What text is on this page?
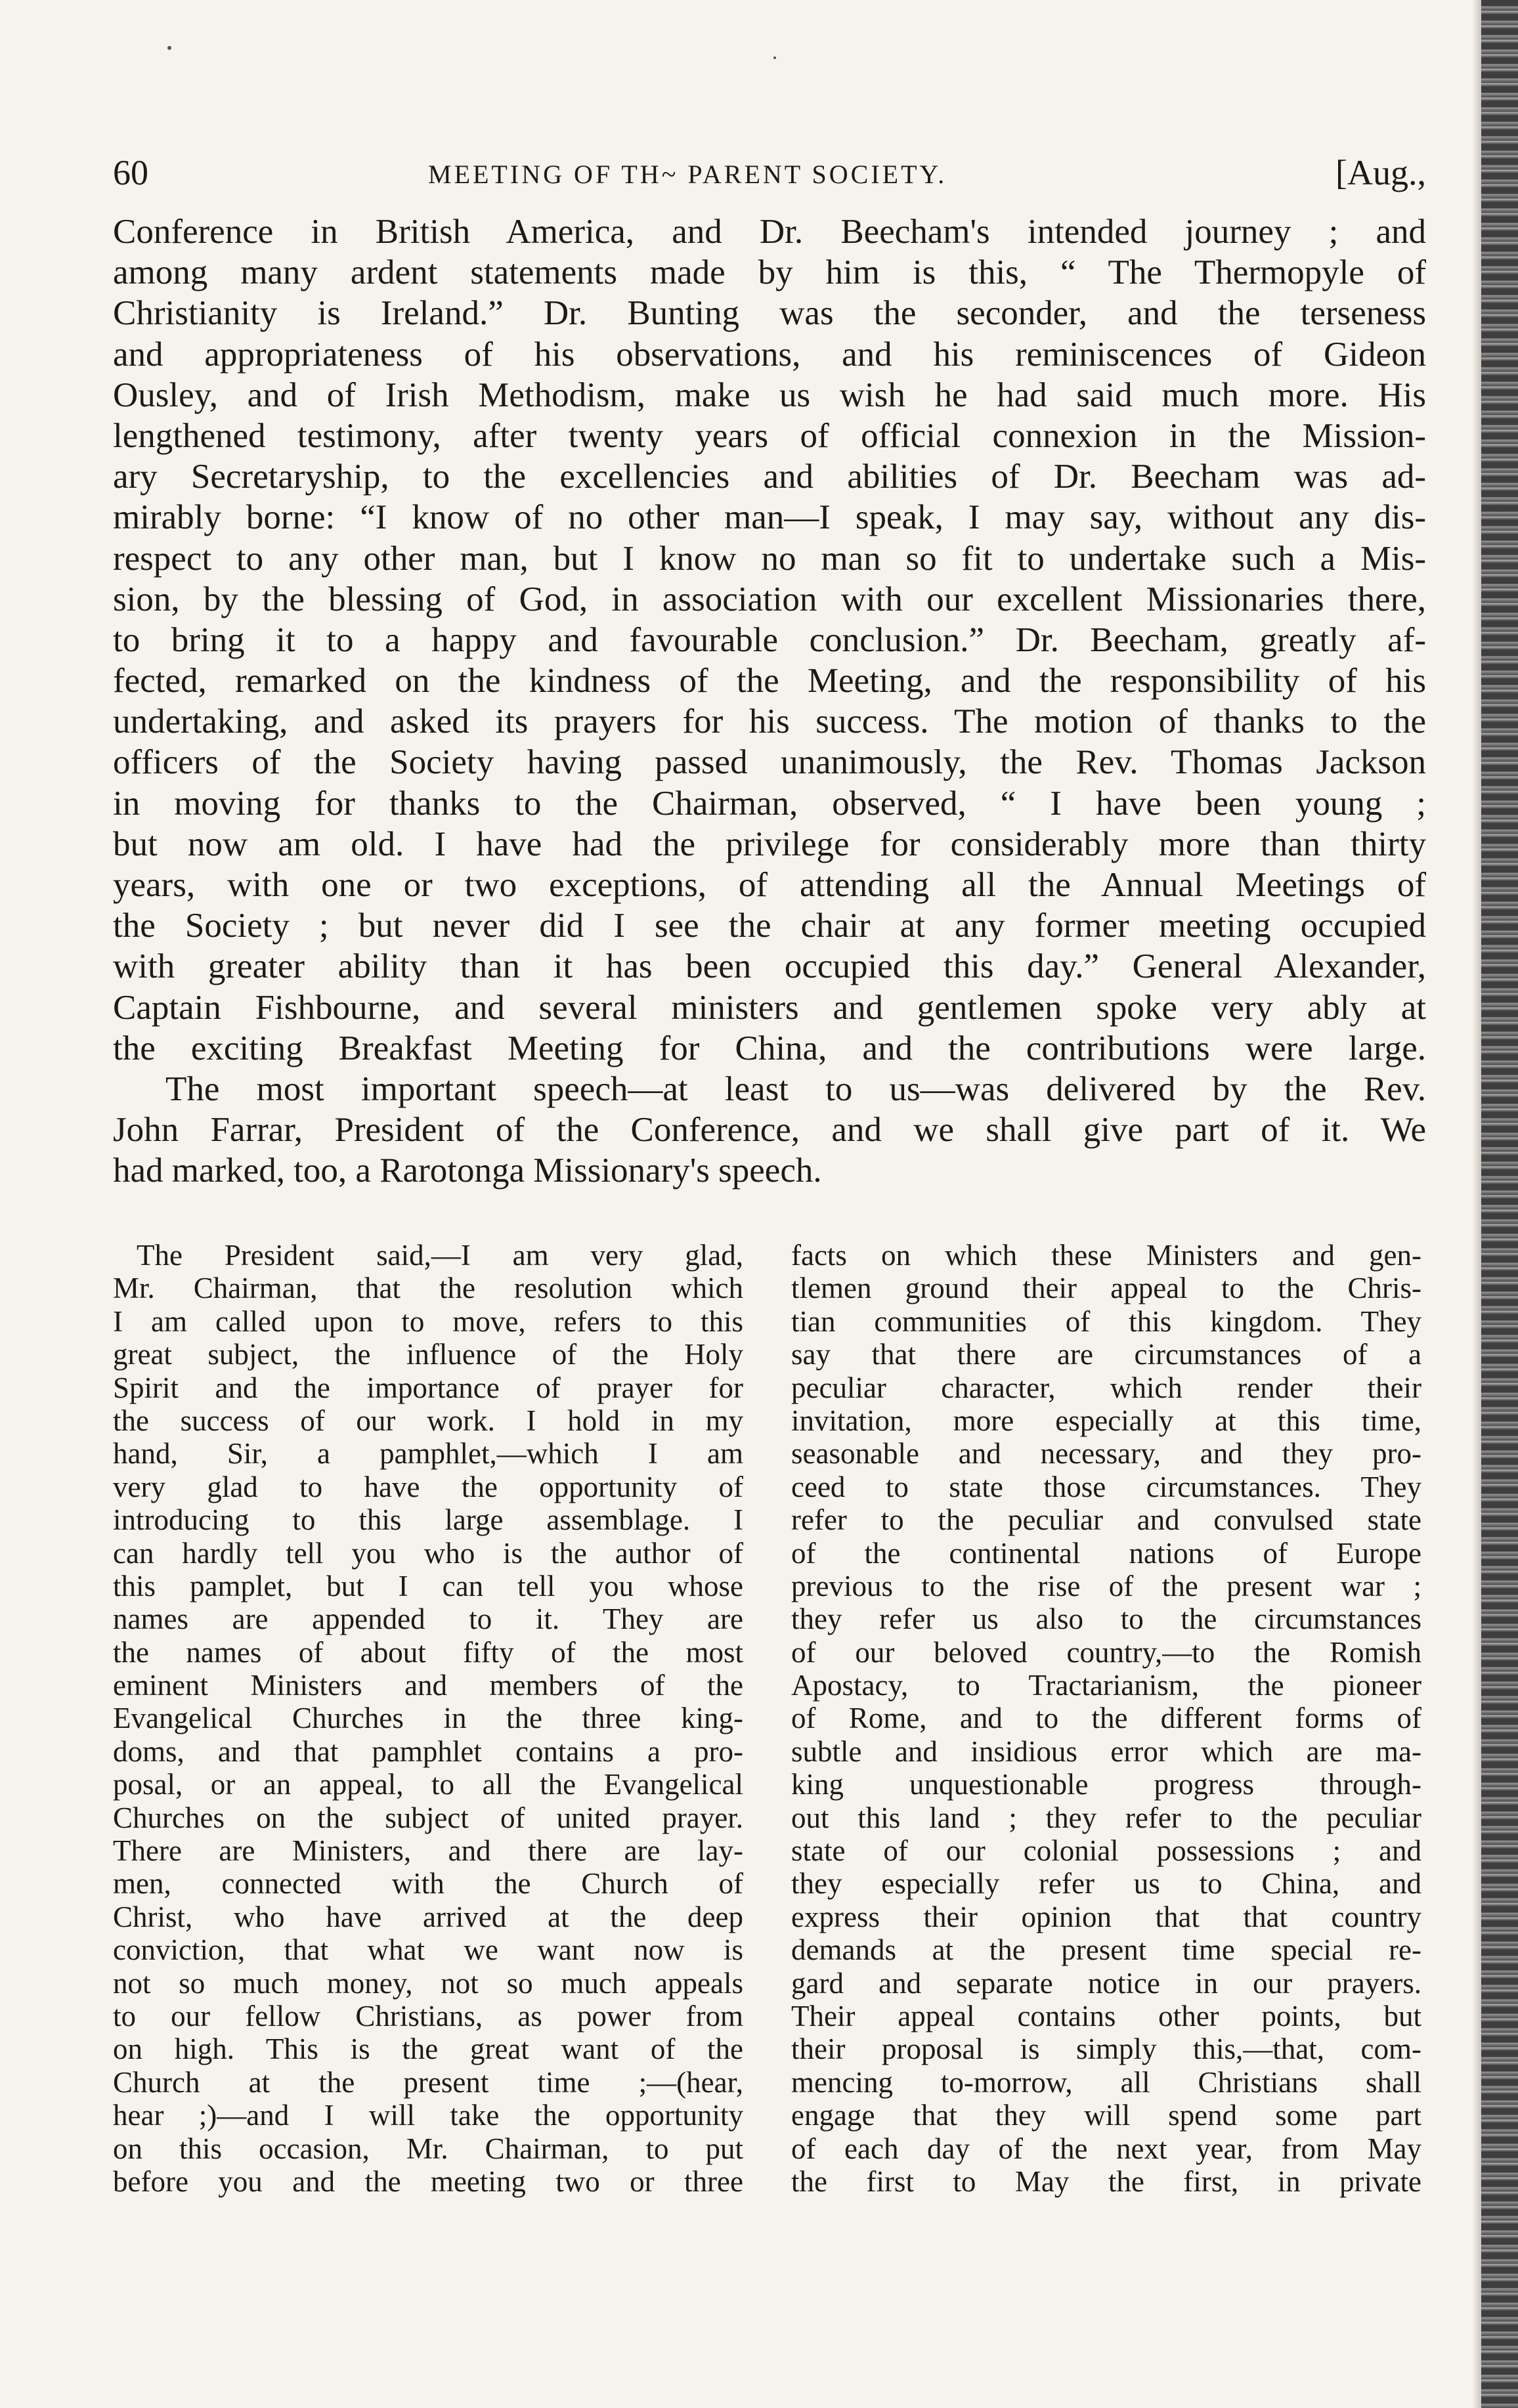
60	MEETING OF TH~ PARENT SOCIETY.	[Aug.,
Conference in British America, and Dr. Beecham's intended journey ; and
among many ardent statements made by him is this, “ The Thermopyle of
Christianity is Ireland.” Dr. Bunting was the seconder, and the terseness
and appropriateness of his observations, and his reminiscences of Gideon
Ousley, and of Irish Methodism, make us wish he had said much more. His
lengthened testimony, after twenty years of official connexion in the Mission-
ary Secretaryship, to the excellencies and abilities of Dr. Beecham was ad-
mirably borne: “I know of no other man—I speak, I may say, without any dis-
respect to any other man, but I know no man so fit to undertake such a Mis-
sion, by the blessing of God, in association with our excellent Missionaries there,
to bring it to a happy and favourable conclusion.” Dr. Beecham, greatly af-
fected, remarked on the kindness of the Meeting, and the responsibility of his
undertaking, and asked its prayers for his success. The motion of thanks to the
officers of the Society having passed unanimously, the Rev. Thomas Jackson
in moving for thanks to the Chairman, observed, “ I have been young ;
but now am old. I have had the privilege for considerably more than thirty
years, with one or two exceptions, of attending all the Annual Meetings of
the Society ; but never did I see the chair at any former meeting occupied
with greater ability than it has been occupied this day.” General Alexander,
Captain Fishbourne, and several ministers and gentlemen spoke very ably at
the exciting Breakfast Meeting for China, and the contributions were large.
The most important speech—at least to us—was delivered by the Rev.
John Farrar, President of the Conference, and we shall give part of it. We
had marked, too, a Rarotonga Missionary's speech.
The President said,—I am very glad,
Mr. Chairman, that the resolution which
I am called upon to move, refers to this
great subject, the influence of the Holy
Spirit and the importance of prayer for
the success of our work. I hold in my
hand, Sir, a pamphlet,—which I am
very glad to have the opportunity of
introducing to this large assemblage. I
can hardly tell you who is the author of
this pamplet, but I can tell you whose
names are appended to it. They are
the names of about fifty of the most
eminent Ministers and members of the
Evangelical Churches in the three king-
doms, and that pamphlet contains a pro-
posal, or an appeal, to all the Evangelical
Churches on the subject of united prayer.
There are Ministers, and there are lay-
men, connected with the Church of
Christ, who have arrived at the deep
conviction, that what we want now is
not so much money, not so much appeals
to our fellow Christians, as power from
on high. This is the great want of the
Church at the present time ;—(hear,
hear ;)—and I will take the opportunity
on this occasion, Mr. Chairman, to put
before you and the meeting two or three
facts on which these Ministers and gen-
tlemen ground their appeal to the Chris-
tian communities of this kingdom. They
say that there are circumstances of a
peculiar character, which render their
invitation, more especially at this time,
seasonable and necessary, and they pro-
ceed to state those circumstances. They
refer to the peculiar and convulsed state
of the continental nations of Europe
previous to the rise of the present war ;
they refer us also to the circumstances
of our beloved country,—to the Romish
Apostacy, to Tractarianism, the pioneer
of Rome, and to the different forms of
subtle and insidious error which are ma-
king unquestionable progress through-
out this land ; they refer to the peculiar
state of our colonial possessions ; and
they especially refer us to China, and
express their opinion that that country
demands at the present time special re-
gard and separate notice in our prayers.
Their appeal contains other points, but
their proposal is simply this,—that, com-
mencing to-morrow, all Christians shall
engage that they will spend some part
of each day of the next year, from May
the first to May the first, in private
